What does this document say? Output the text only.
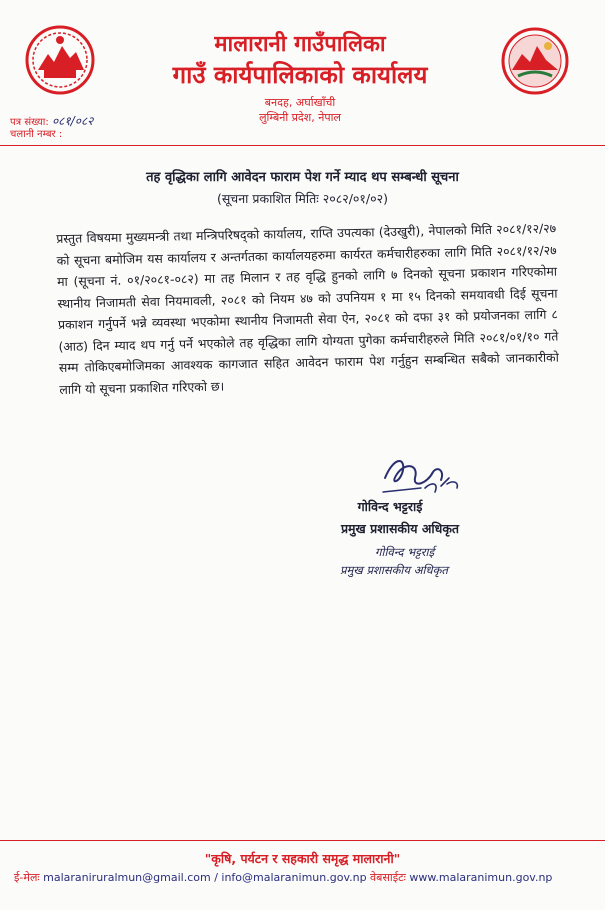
मालारानी गाउँपालिका
गाउँ कार्यपालिकाको कार्यालय
बनदह, अर्घाखाँची
लुम्बिनी प्रदेश, नेपाल
पत्र संख्या: ०८१/०८२
चलानी नम्बर :
तह वृद्धिका लागि आवेदन फाराम पेश गर्ने म्याद थप सम्बन्धी सूचना
(सूचना प्रकाशित मितिः २०८२/०१/०२)

प्रस्तुत विषयमा मुख्यमन्त्री तथा मन्त्रिपरिषद्को कार्यालय, राप्ति उपत्यका (देउखुरी), नेपालको मिति २०८१/१२/२७ को सूचना बमोजिम यस कार्यालय र अन्तर्गतका कार्यालयहरुमा कार्यरत कर्मचारीहरुका लागि मिति २०८१/१२/२७ मा (सूचना नं. ०१/२०८१-०८२) मा तह मिलान र तह वृद्धि हुनको लागि ७ दिनको सूचना प्रकाशन गरिएकोमा स्थानीय निजामती सेवा नियमावली, २०८१ को नियम ४७ को उपनियम १ मा १५ दिनको समयावधी दिई सूचना प्रकाशन गर्नुपर्ने भन्ने व्यवस्था भएकोमा स्थानीय निजामती सेवा ऐन, २०८१ को दफा ३१ को प्रयोजनका लागि ८ (आठ) दिन म्याद थप गर्नु पर्ने भएकोले तह वृद्धिका लागि योग्यता पुगेका कर्मचारीहरुले मिति २०८१/०१/१० गते सम्म तोकिएबमोजिमका आवश्यक कागजात सहित आवेदन फाराम पेश गर्नुहुन सम्बन्धित सबैको जानकारीको लागि यो सूचना प्रकाशित गरिएको छ।

गोविन्द भट्टराई
प्रमुख प्रशासकीय अधिकृत
गोविन्द भट्टराई
प्रमुख प्रशासकीय अधिकृत
"कृषि, पर्यटन र सहकारी समृद्ध मालारानी"
ई-मेलः malaraniruralmun@gmail.com / info@malaranimun.gov.np वेबसाईटः www.malaranimun.gov.np
